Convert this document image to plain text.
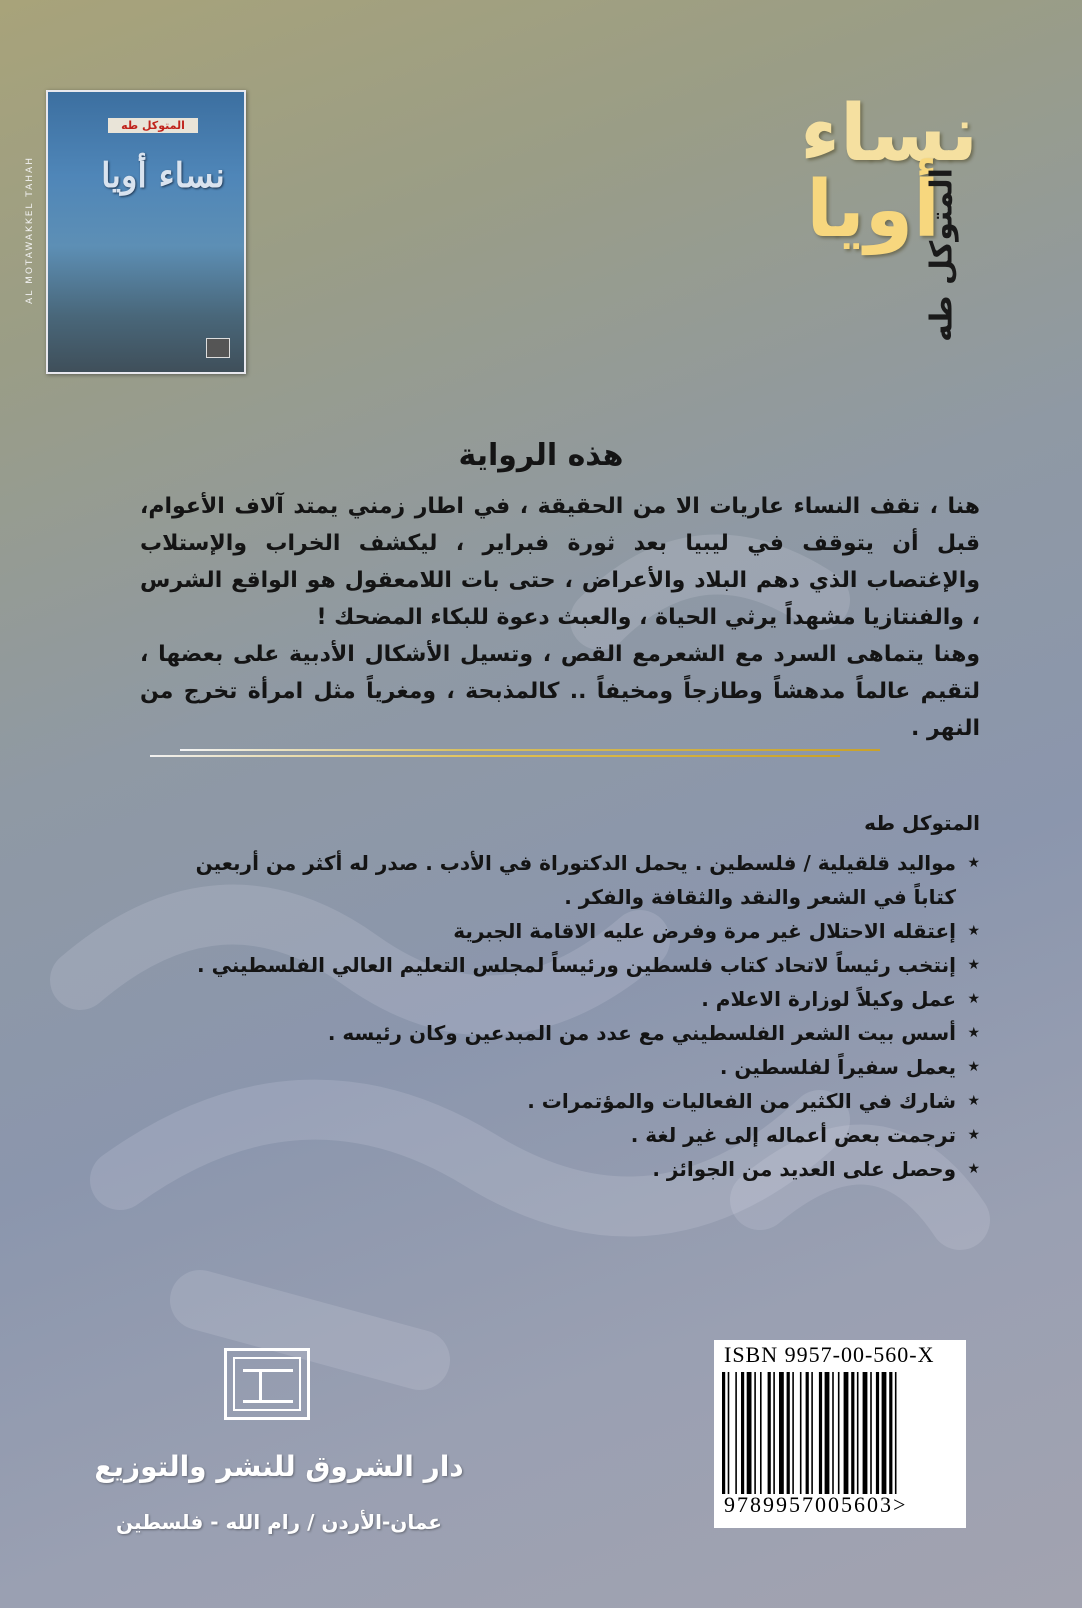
AL MOTAWAKKEL TAHAH
المتوكل طه
نساء أويا	نساء
أويا
المتوكل طه
هذه الرواية

هنا ، تقف النساء عاريات الا من الحقيقة ، في اطار زمني يمتد آلاف الأعوام، قبل أن يتوقف في ليبيا بعد ثورة فبراير ، ليكشف الخراب والإستلاب والإغتصاب الذي دهم البلاد والأعراض ، حتى بات اللامعقول هو الواقع الشرس ، والفنتازيا مشهداً يرثي الحياة ، والعبث دعوة للبكاء المضحك !

وهنا يتماهى السرد مع الشعرمع القص ، وتسيل الأشكال الأدبية على بعضها ، لتقيم عالماً مدهشاً وطازجاً ومخيفاً .. كالمذبحة ، ومغرياً مثل امرأة تخرج من النهر .

المتوكل طه
★
مواليد قلقيلية / فلسطين . يحمل الدكتوراة في الأدب . صدر له أكثر من أربعين كتاباً في الشعر والنقد والثقافة والفكر .
★
إعتقله الاحتلال غير مرة وفرض عليه الاقامة الجبرية
★
إنتخب رئيساً لاتحاد كتاب فلسطين ورئيساً لمجلس التعليم العالي الفلسطيني .
★
عمل وكيلاً لوزارة الاعلام .
★
أسس بيت الشعر الفلسطيني مع عدد من المبدعين وكان رئيسه .
★
يعمل سفيراً لفلسطين .
★
شارك في الكثير من الفعاليات والمؤتمرات .
★
ترجمت بعض أعماله إلى غير لغة .
★
وحصل على العديد من الجوائز .
دار الشروق للنشر والتوزيع
عمان-الأردن / رام الله - فلسطين
ISBN 9957-00-560-X
9789957005603>
